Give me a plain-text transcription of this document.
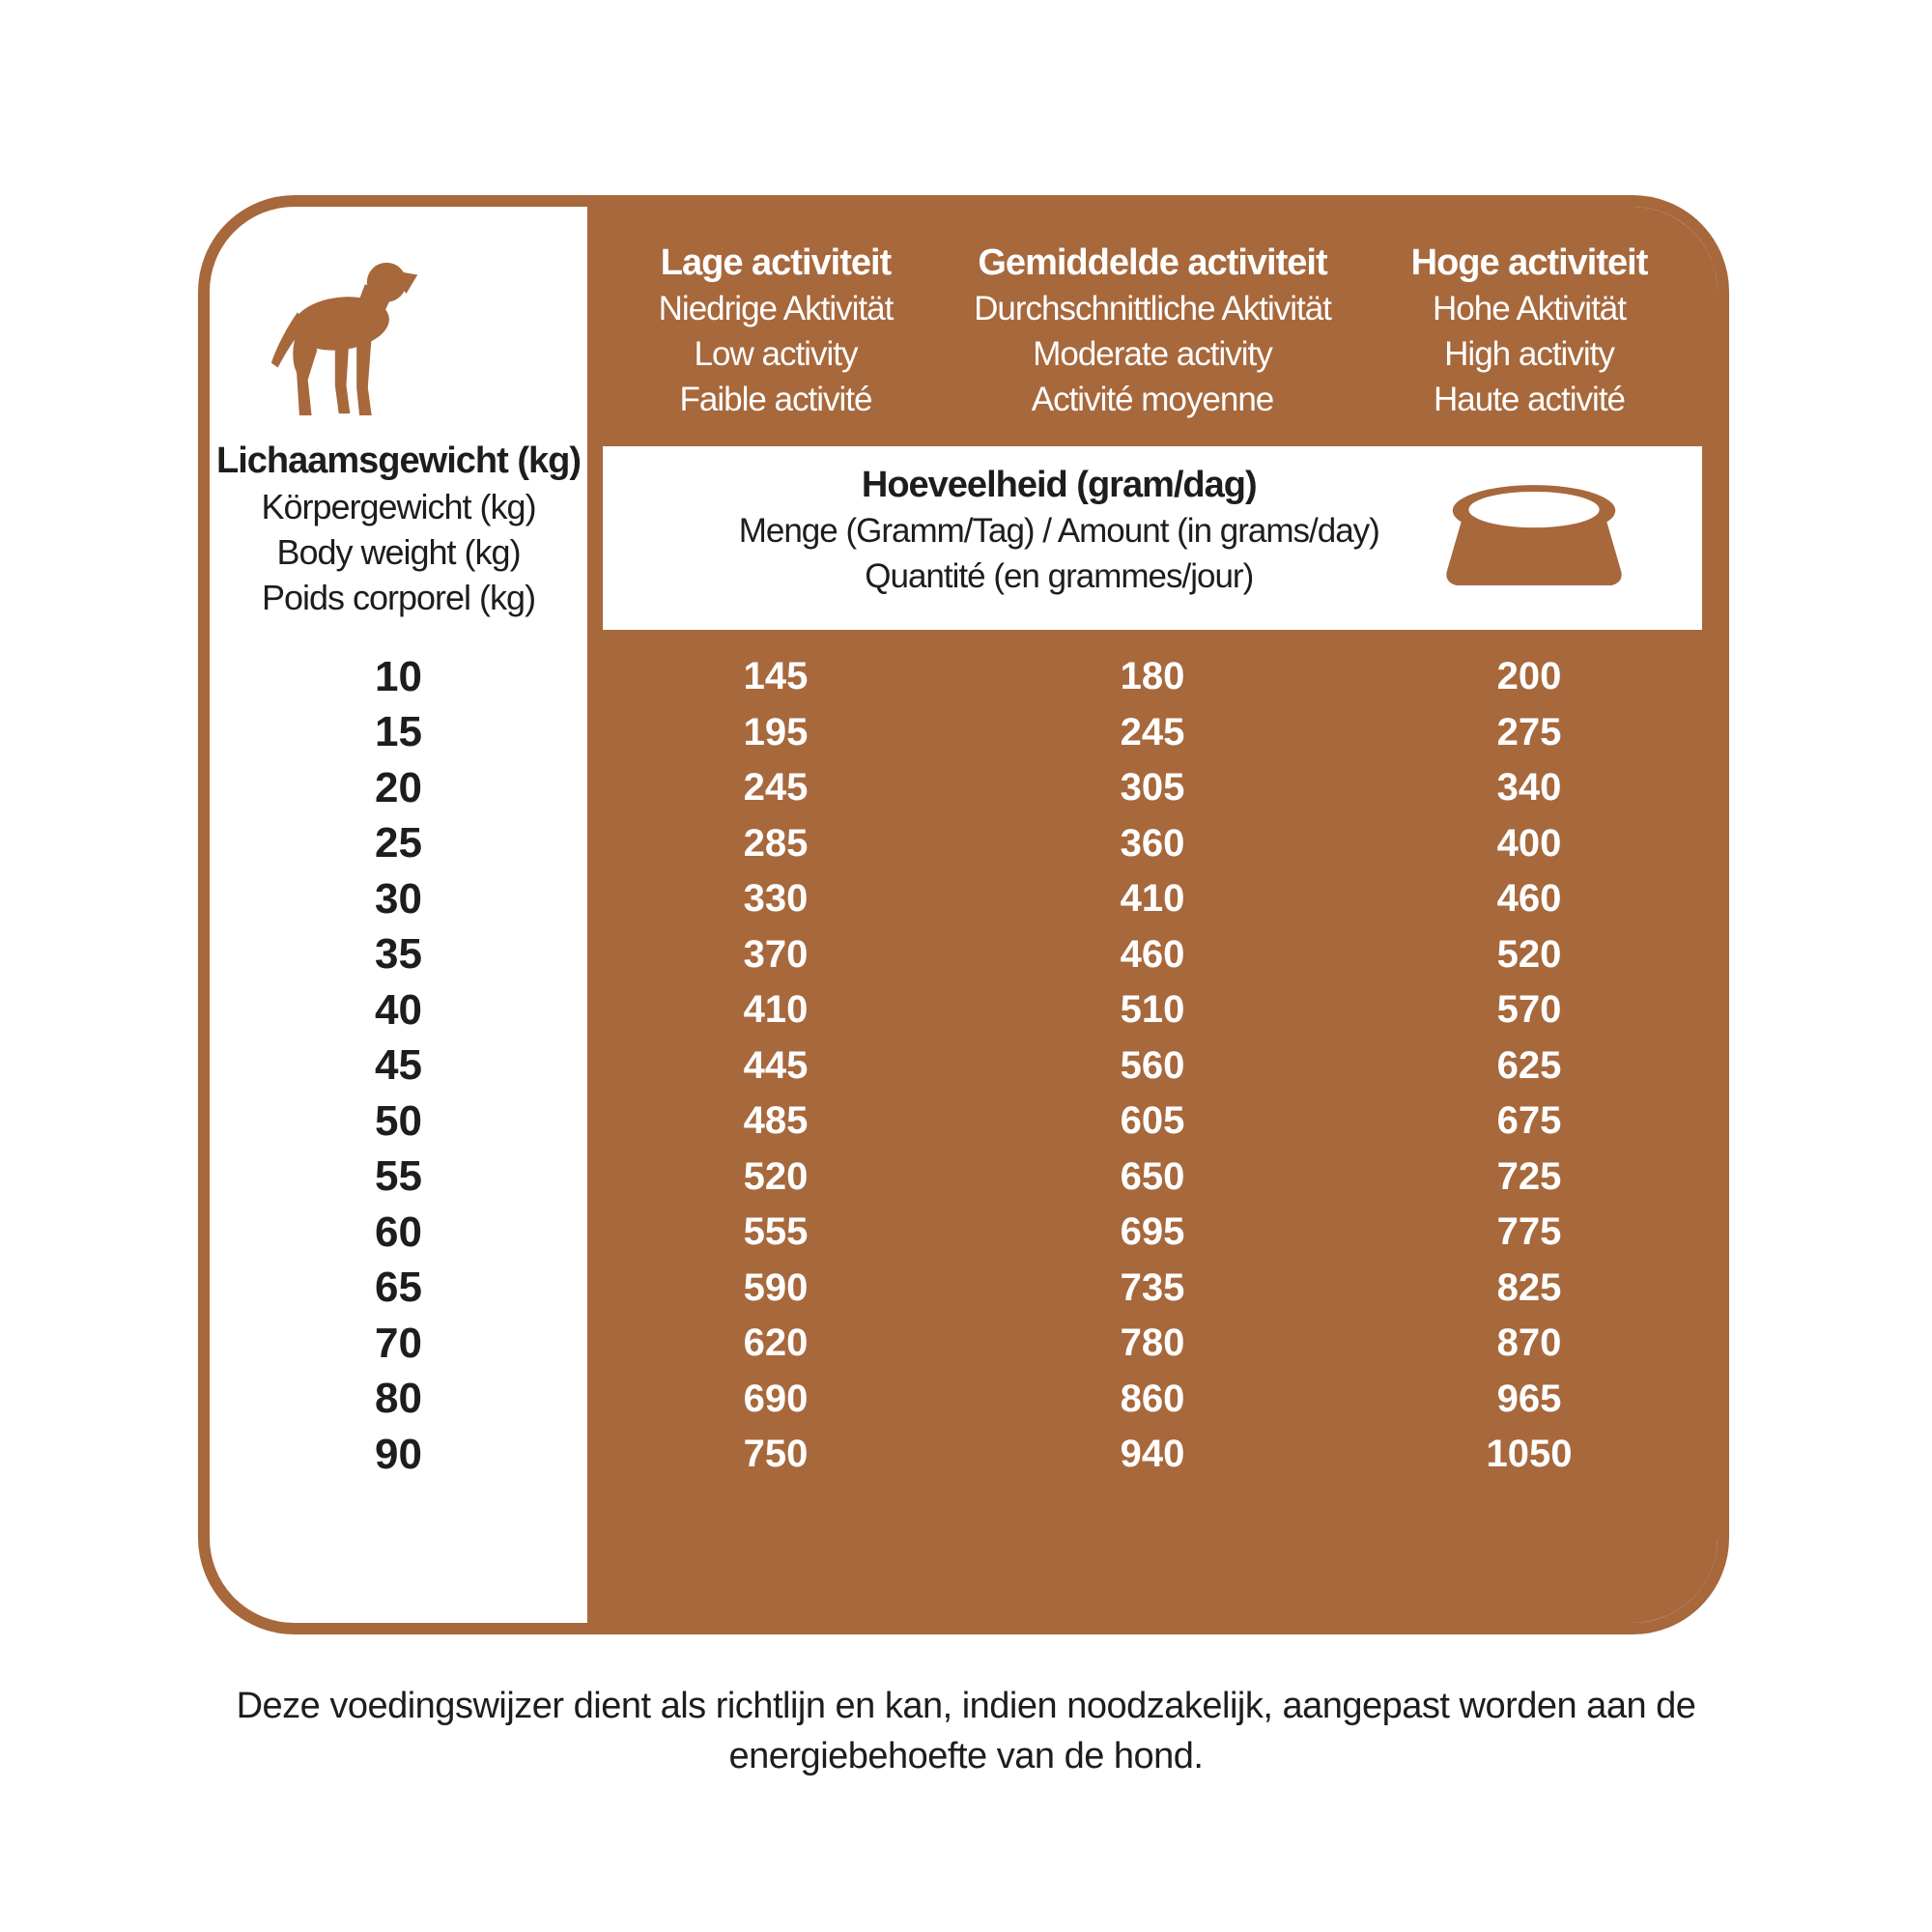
Lichaamsgewicht (kg)
Körpergewicht (kg)
Body weight (kg)
Poids corporel (kg)
Lage activiteit
Niedrige Aktivität
Low activity
Faible activité
Gemiddelde activiteit
Durchschnittliche Aktivität
Moderate activity
Activité moyenne
Hoge activiteit
Hohe Aktivität
High activity
Haute activité
Hoeveelheid (gram/dag)
Menge (Gramm/Tag) / Amount (in grams/day)
Quantité (en grammes/jour)
10	145	180	200
15	195	245	275
20	245	305	340
25	285	360	400
30	330	410	460
35	370	460	520
40	410	510	570
45	445	560	625
50	485	605	675
55	520	650	725
60	555	695	775
65	590	735	825
70	620	780	870
80	690	860	965
90	750	940	1050
Deze voedingswijzer dient als richtlijn en kan, indien noodzakelijk, aangepast worden aan de
energiebehoefte van de hond.
